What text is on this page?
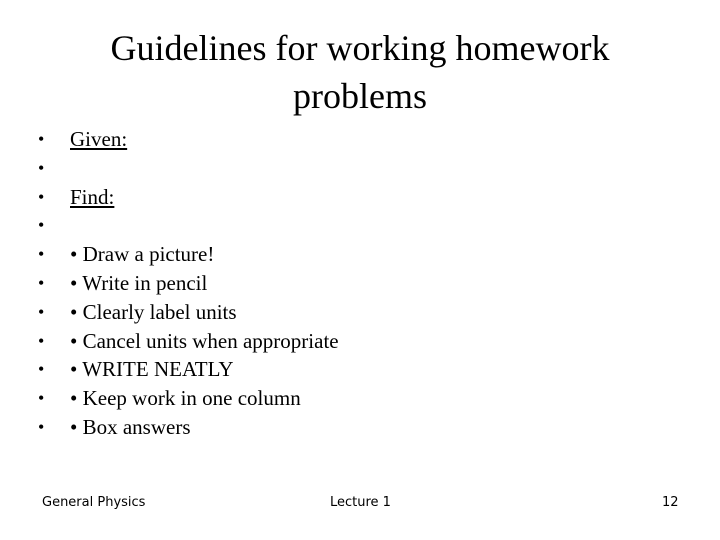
Guidelines for working homework
problems
• Given:
•
• Find:
•
• • Draw a picture!
• • Write in pencil
• • Clearly label units
• • Cancel units when appropriate
• • WRITE NEATLY
• • Keep work in one column
• • Box answers
General Physics	Lecture 1	12
